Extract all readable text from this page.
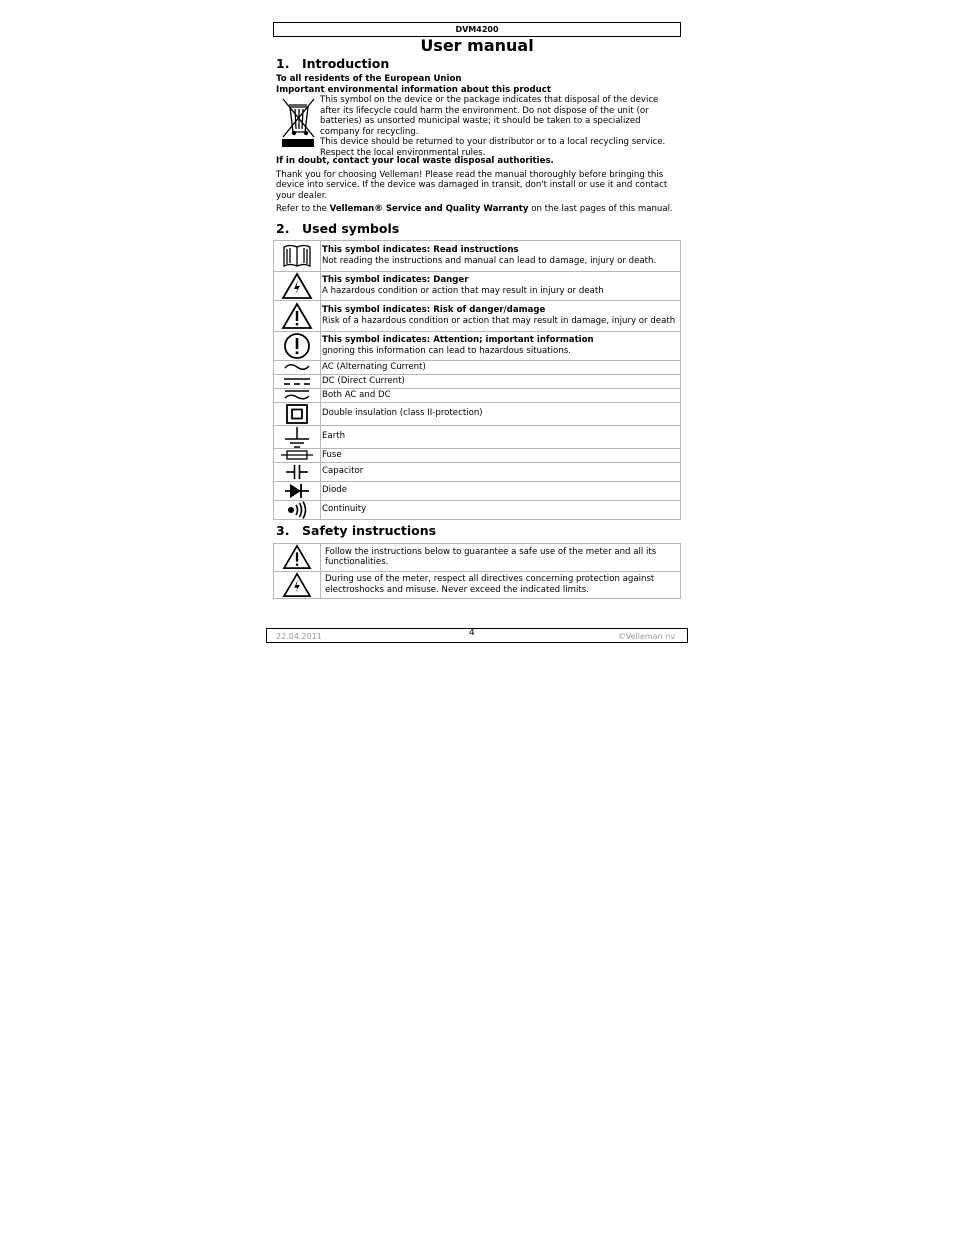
DVM4200
User manual
1. Introduction
To all residents of the European Union
Important environmental information about this product
This symbol on the device or the package indicates that disposal of the device after its lifecycle could harm the environment. Do not dispose of the unit (or batteries) as unsorted municipal waste; it should be taken to a specialized company for recycling.
This device should be returned to your distributor or to a local recycling service. Respect the local environmental rules.
If in doubt, contact your local waste disposal authorities.

Thank you for choosing Velleman! Please read the manual thoroughly before bringing this device into service. If the device was damaged in transit, don't install or use it and contact your dealer.

Refer to the Velleman® Service and Quality Warranty on the last pages of this manual.

2. Used symbols

This symbol indicates: Read instructions
Not reading the instructions and manual can lead to damage, injury or death.

This symbol indicates: Danger
A hazardous condition or action that may result in injury or death

This symbol indicates: Risk of danger/damage
Risk of a hazardous condition or action that may result in damage, injury or death

This symbol indicates: Attention; important information
gnoring this information can lead to hazardous situations.

	AC (Alternating Current)

	DC (Direct Current)

	Both AC and DC

	Double insulation (class II-protection)

	Earth

	Fuse

	Capacitor

	Diode

	Continuity
3. Safety instructions
	Follow the instructions below to guarantee a safe use of the meter and all its functionalities.

	During use of the meter, respect all directives concerning protection against electroshocks and misuse. Never exceed the indicated limits.
22.04.2011	4	©Velleman nv
